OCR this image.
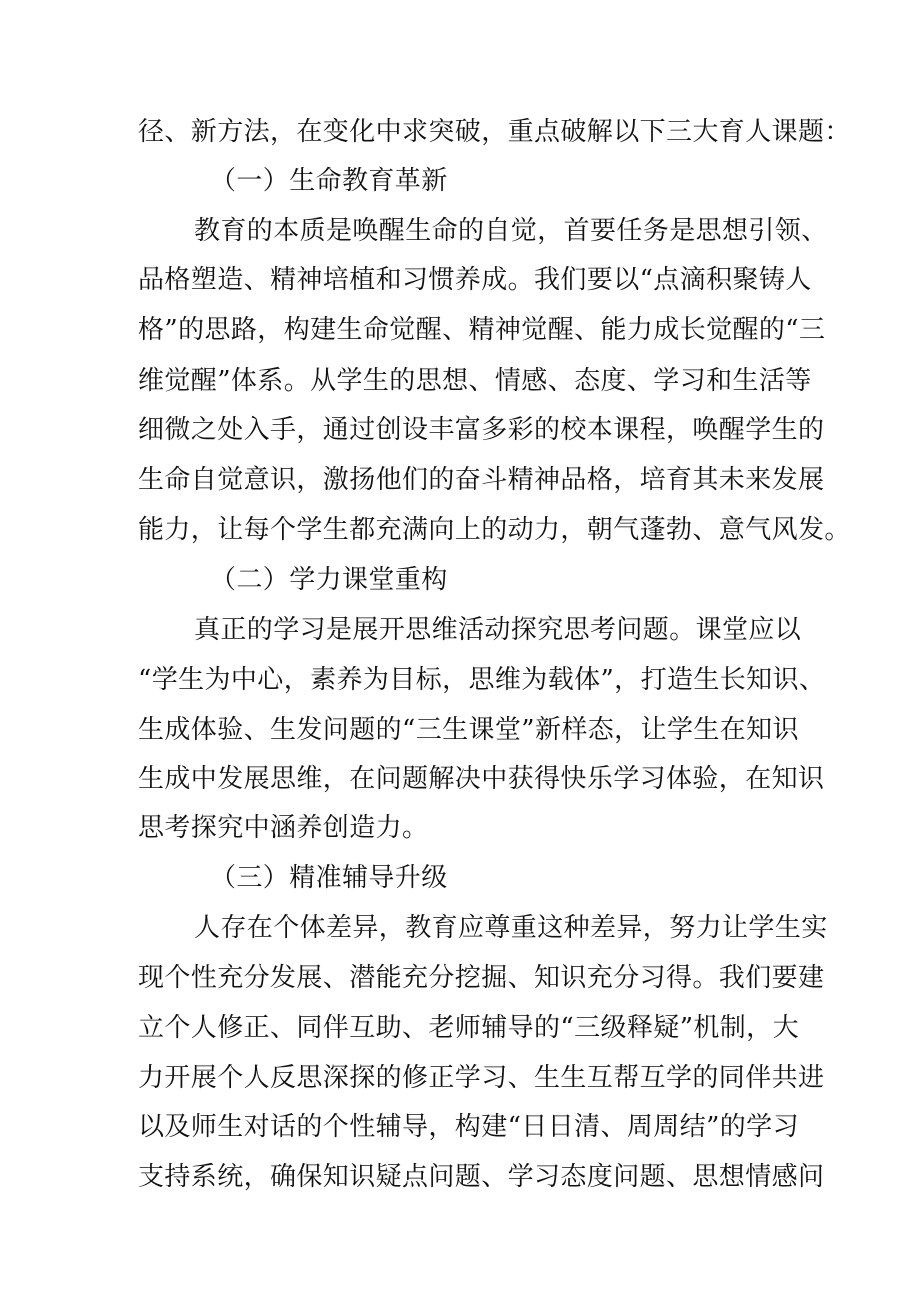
径、新方法，在变化中求突破，重点破解以下三大育人课题：
（一）生命教育革新
教育的本质是唤醒生命的自觉，首要任务是思想引领、
品格塑造、精神培植和习惯养成。我们要以“点滴积聚铸人
格”的思路，构建生命觉醒、精神觉醒、能力成长觉醒的“三
维觉醒”体系。从学生的思想、情感、态度、学习和生活等
细微之处入手，通过创设丰富多彩的校本课程，唤醒学生的
生命自觉意识，激扬他们的奋斗精神品格，培育其未来发展
能力，让每个学生都充满向上的动力，朝气蓬勃、意气风发。
（二）学力课堂重构
真正的学习是展开思维活动探究思考问题。课堂应以
“学生为中心，素养为目标，思维为载体”，打造生长知识、
生成体验、生发问题的“三生课堂”新样态，让学生在知识
生成中发展思维，在问题解决中获得快乐学习体验，在知识
思考探究中涵养创造力。
（三）精准辅导升级
人存在个体差异，教育应尊重这种差异，努力让学生实
现个性充分发展、潜能充分挖掘、知识充分习得。我们要建
立个人修正、同伴互助、老师辅导的“三级释疑”机制，大
力开展个人反思深探的修正学习、生生互帮互学的同伴共进
以及师生对话的个性辅导，构建“日日清、周周结”的学习
支持系统，确保知识疑点问题、学习态度问题、思想情感问
